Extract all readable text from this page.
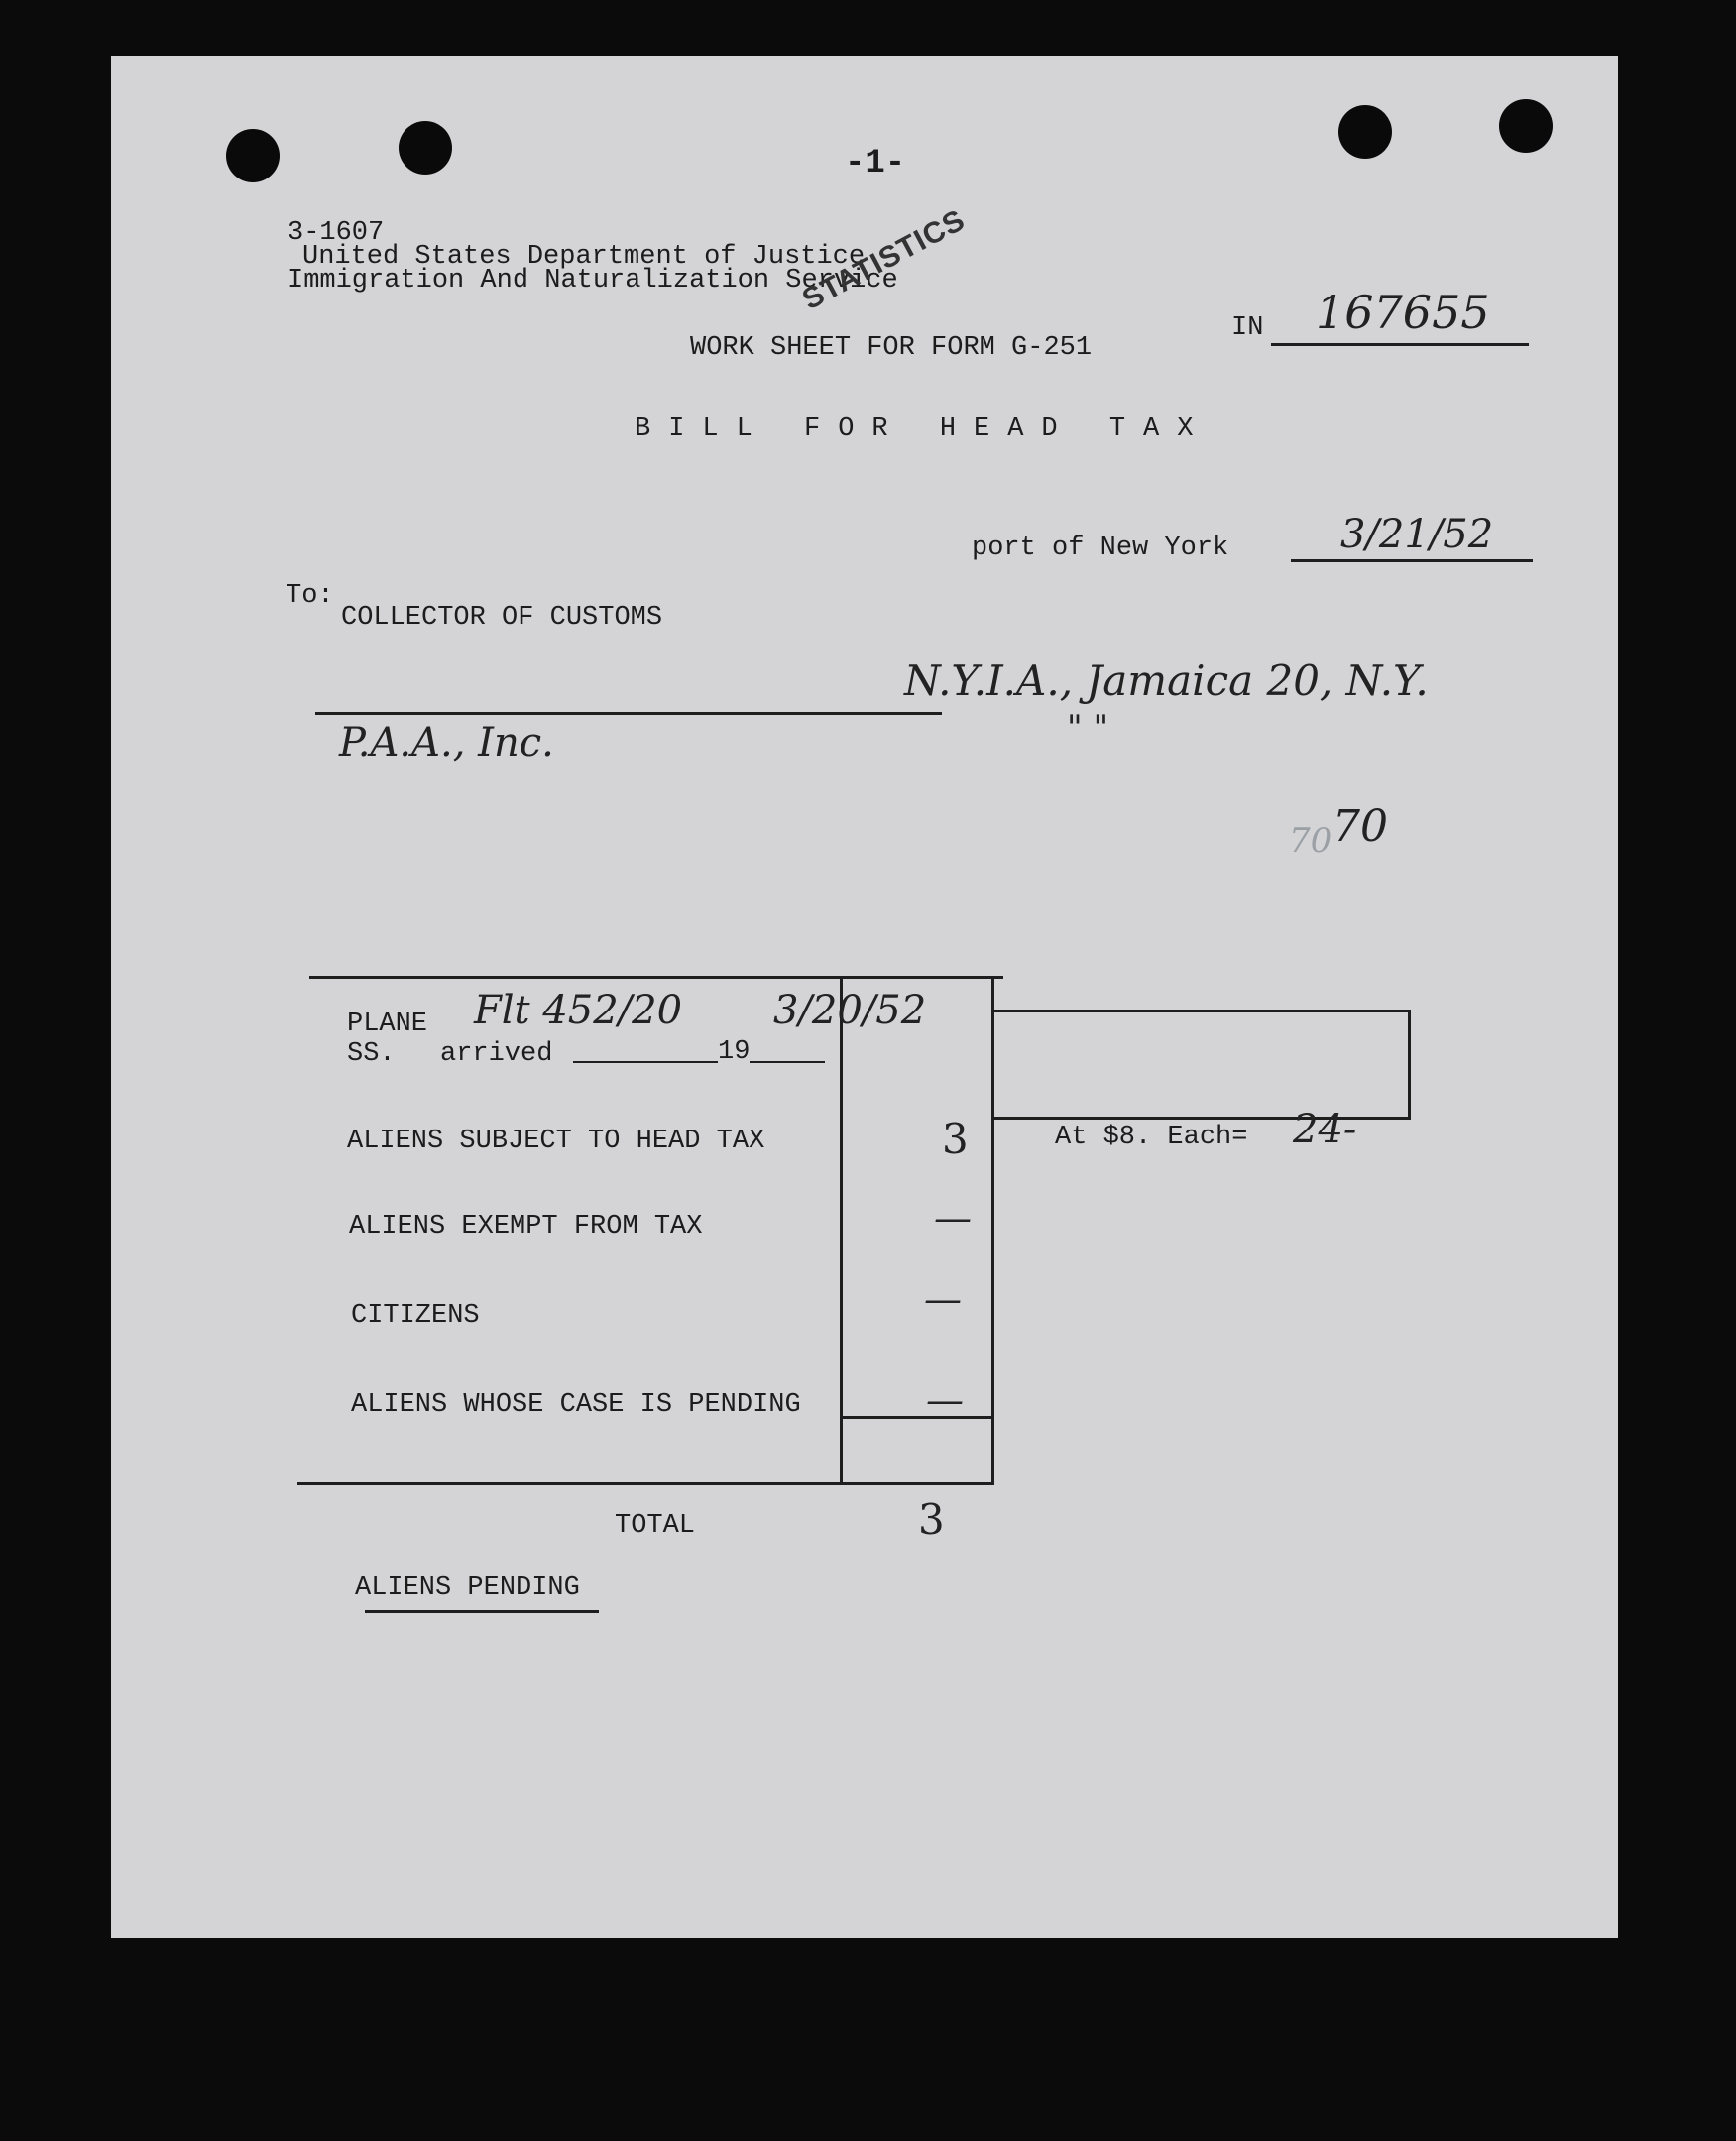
-1-
3-1607
United States Department of Justice
Immigration And Naturalization Service
STATISTICS
WORK SHEET FOR FORM G-251
IN 167655
BILL FOR HEAD TAX
port of New York	3/21/52
To:
COLLECTOR OF CUSTOMS
N.Y.I.A., Jamaica 20, N.Y.
" "
P.A.A., Inc.
70 70
PLANE Flt 452/20 3/20/52
SS. arrived	19
ALIENS SUBJECT TO HEAD TAX	3
ALIENS EXEMPT FROM TAX	—
CITIZENS	—
ALIENS WHOSE CASE IS PENDING	—
TOTAL	3
At $8. Each= 24-
ALIENS PENDING
